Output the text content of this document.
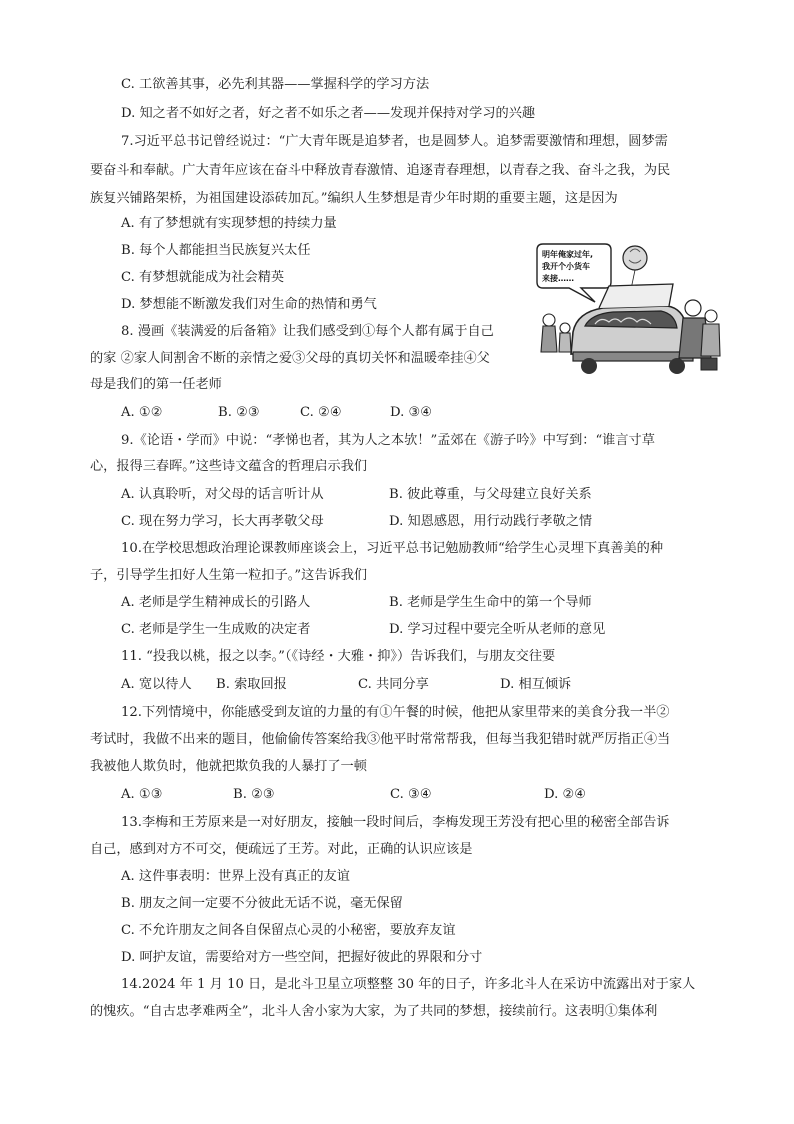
C. 工欲善其事，必先利其器——掌握科学的学习方法
D. 知之者不如好之者，好之者不如乐之者——发现并保持对学习的兴趣
7.习近平总书记曾经说过：“广大青年既是追梦者，也是圆梦人。追梦需要激情和理想，圆梦需
要奋斗和奉献。广大青年应该在奋斗中释放青春激情、追逐青春理想，以青春之我、奋斗之我，为民
族复兴铺路架桥，为祖国建设添砖加瓦。”编织人生梦想是青少年时期的重要主题，这是因为
A. 有了梦想就有实现梦想的持续力量
B. 每个人都能担当民族复兴太任
C. 有梦想就能成为社会精英
D. 梦想能不断激发我们对生命的热情和勇气
8. 漫画《装满爱的后备箱》让我们感受到①每个人都有属于自己
的家 ②家人间割舍不断的亲情之爱③父母的真切关怀和温暖牵挂④父
母是我们的第一任老师
A. ①②	B. ②③	C. ②④	D. ③④
明年俺家过年,
我开个小货车
来接……
9.《论语・学而》中说：“孝悌也者，其为人之本欤！”孟郊在《游子吟》中写到：“谁言寸草
心，报得三春晖。”这些诗文蕴含的哲理启示我们
A. 认真聆听，对父母的话言听计从	B. 彼此尊重，与父母建立良好关系
C. 现在努力学习，长大再孝敬父母	D. 知恩感恩，用行动践行孝敬之情
10.在学校思想政治理论课教师座谈会上，习近平总书记勉励教师“给学生心灵埋下真善美的种
子，引导学生扣好人生第一粒扣子。”这告诉我们
A. 老师是学生精神成长的引路人	B. 老师是学生生命中的第一个导师
C. 老师是学生一生成败的决定者	D. 学习过程中要完全听从老师的意见
11. “投我以桃，报之以李。”（《诗经・大雅・抑》）告诉我们，与朋友交往要
A. 宽以待人 B. 索取回报	C. 共同分享	D. 相互倾诉
12.下列情境中，你能感受到友谊的力量的有①午餐的时候，他把从家里带来的美食分我一半②
考试时，我做不出来的题目，他偷偷传答案给我③他平时常常帮我，但每当我犯错时就严厉指正④当
我被他人欺负时，他就把欺负我的人暴打了一顿
A. ①③	B. ②③	C. ③④	D. ②④
13.李梅和王芳原来是一对好朋友，接触一段时间后，李梅发现王芳没有把心里的秘密全部告诉
自己，感到对方不可交，便疏远了王芳。对此，正确的认识应该是
A. 这件事表明：世界上没有真正的友谊
B. 朋友之间一定要不分彼此无话不说，毫无保留
C. 不允许朋友之间各自保留点心灵的小秘密，要放弃友谊
D. 呵护友谊，需要给对方一些空间，把握好彼此的界限和分寸
14.2024 年 1 月 10 日，是北斗卫星立项整整 30 年的日子，许多北斗人在采访中流露出对于家人
的愧疚。“自古忠孝难两全”，北斗人舍小家为大家，为了共同的梦想，接续前行。这表明①集体利
